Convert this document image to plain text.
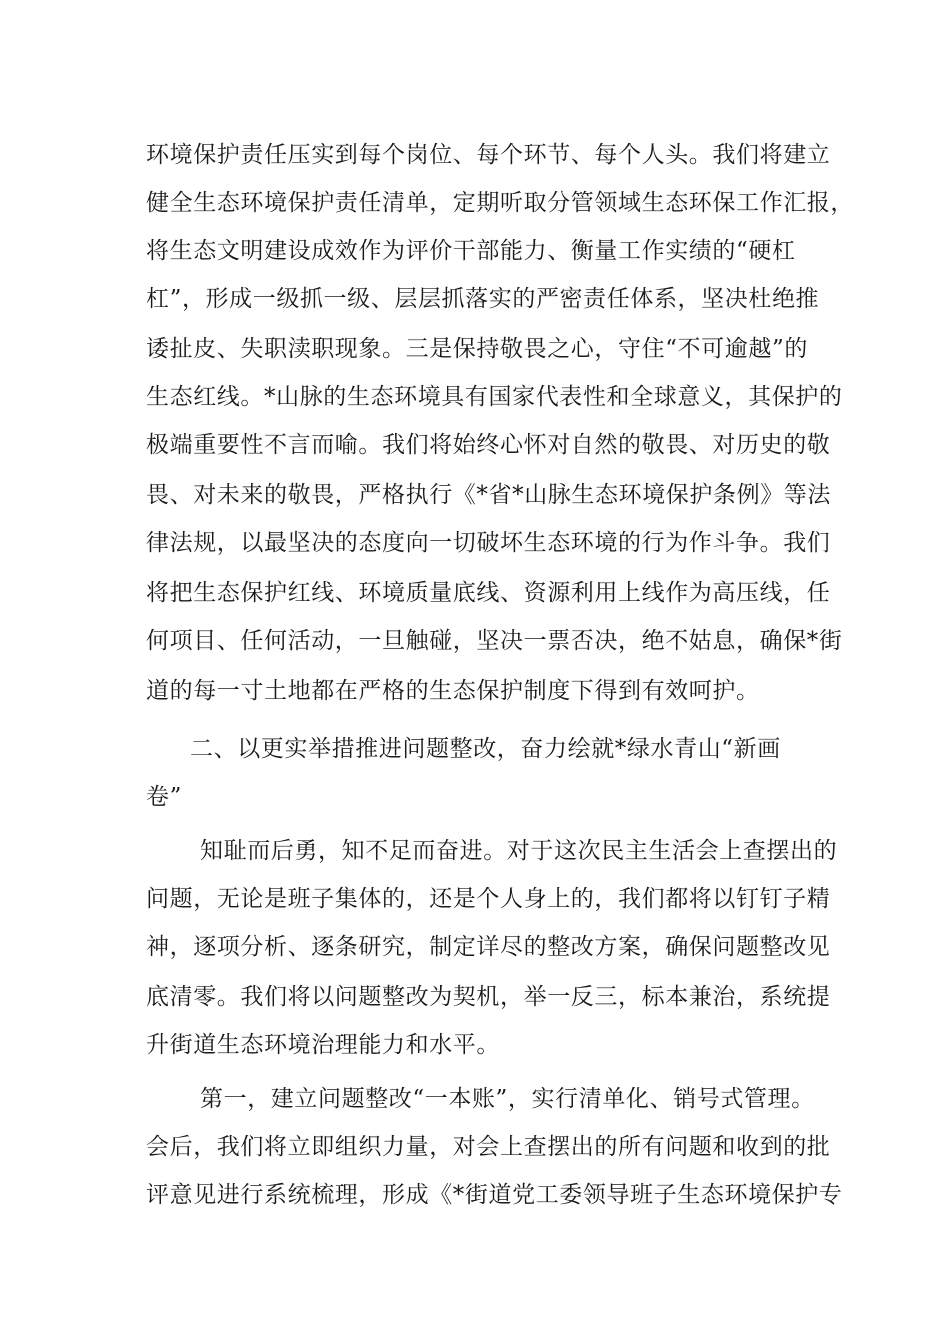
环境保护责任压实到每个岗位、每个环节、每个人头。我们将建立
健全生态环境保护责任清单，定期听取分管领域生态环保工作汇报，
将生态文明建设成效作为评价干部能力、衡量工作实绩的“硬杠
杠”，形成一级抓一级、层层抓落实的严密责任体系，坚决杜绝推
诿扯皮、失职渎职现象。三是保持敬畏之心，守住“不可逾越”的
生态红线。*山脉的生态环境具有国家代表性和全球意义，其保护的
极端重要性不言而喻。我们将始终心怀对自然的敬畏、对历史的敬
畏、对未来的敬畏，严格执行《*省*山脉生态环境保护条例》等法
律法规，以最坚决的态度向一切破坏生态环境的行为作斗争。我们
将把生态保护红线、环境质量底线、资源利用上线作为高压线，任
何项目、任何活动，一旦触碰，坚决一票否决，绝不姑息，确保*街
道的每一寸土地都在严格的生态保护制度下得到有效呵护。
二、以更实举措推进问题整改，奋力绘就*绿水青山“新画
卷”
知耻而后勇，知不足而奋进。对于这次民主生活会上查摆出的
问题，无论是班子集体的，还是个人身上的，我们都将以钉钉子精
神，逐项分析、逐条研究，制定详尽的整改方案，确保问题整改见
底清零。我们将以问题整改为契机，举一反三，标本兼治，系统提
升街道生态环境治理能力和水平。
第一，建立问题整改“一本账”，实行清单化、销号式管理。
会后，我们将立即组织力量，对会上查摆出的所有问题和收到的批
评意见进行系统梳理，形成《*街道党工委领导班子生态环境保护专
